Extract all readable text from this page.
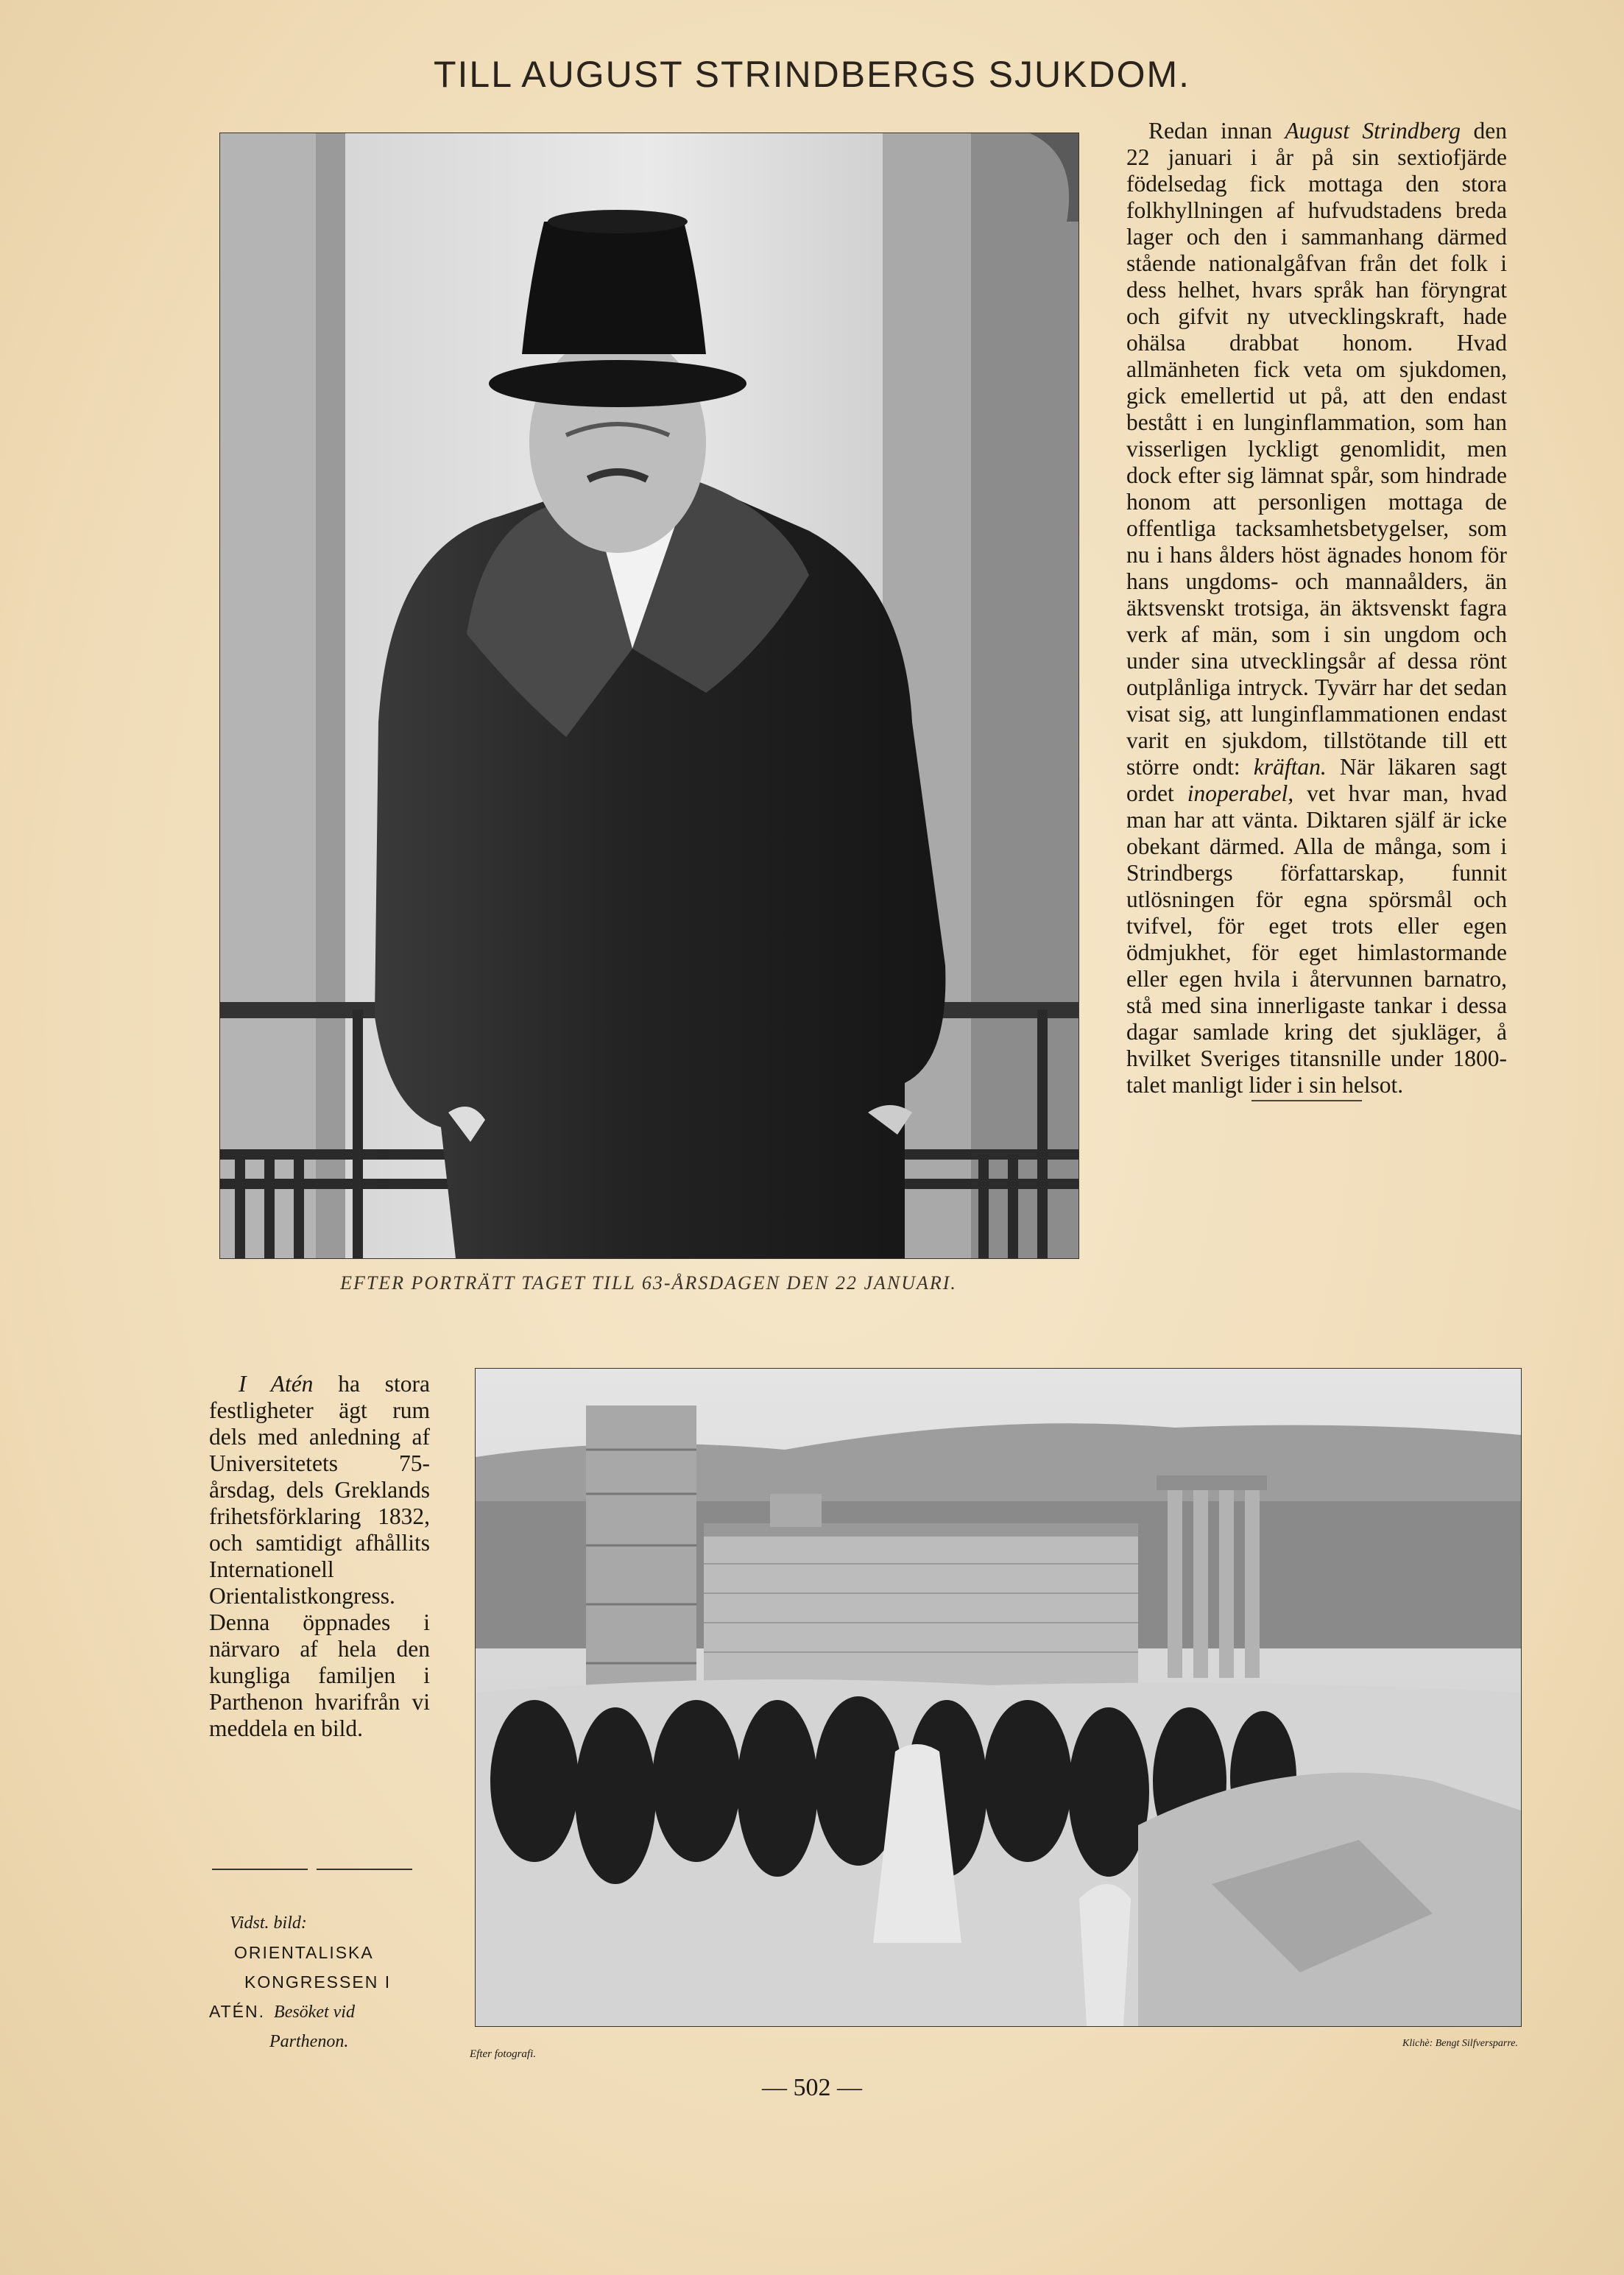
TILL AUGUST STRINDBERGS SJUKDOM.
EFTER PORTRÄTT TAGET TILL 63-ÅRSDAGEN DEN 22 JANUARI.

Redan innan August Strindberg den 22 januari i år på sin sextiofjärde födelsedag fick mottaga den stora folkhyllningen af hufvudstadens breda lager och den i sammanhang därmed stående nationalgåfvan från det folk i dess helhet, hvars språk han föryngrat och gifvit ny utvecklingskraft, hade ohälsa drabbat honom. Hvad allmänheten fick veta om sjukdomen, gick emellertid ut på, att den endast bestått i en lunginflammation, som han visserligen lyckligt genomlidit, men dock efter sig lämnat spår, som hindrade honom att personligen mottaga de offentliga tacksamhetsbetygelser, som nu i hans ålders höst ägnades honom för hans ungdoms- och mannaålders, än äktsvenskt trotsiga, än äktsvenskt fagra verk af män, som i sin ungdom och under sina utvecklingsår af dessa rönt outplånliga intryck. Tyvärr har det sedan visat sig, att lunginflammationen endast varit en sjukdom, tillstötande till ett större ondt: kräftan. När läkaren sagt ordet inoperabel, vet hvar man, hvad man har att vänta. Diktaren själf är icke obekant därmed. Alla de många, som i Strindbergs författarskap, funnit utlösningen för egna spörsmål och tvifvel, för eget trots eller egen ödmjukhet, för eget himlastormande eller egen hvila i återvunnen barnatro, stå med sina innerligaste tankar i dessa dagar samlade kring det sjukläger, å hvilket Sveriges titansnille under 1800-talet manligt lider i sin helsot.

I Atén ha stora festligheter ägt rum dels med anledning af Universitetets 75-årsdag, dels Greklands frihetsförklaring 1832, och samtidigt afhållits Internationell Orientalistkongress. Denna öppnades i närvaro af hela den kungliga familjen i Parthenon hvarifrån vi meddela en bild.

Vidst. bild:
ORIENTALISKA
KONGRESSEN I
ATÉN. Besöket vid
Parthenon.
Efter fotografi.
Klichè: Bengt Silfversparre.
— 502 —
